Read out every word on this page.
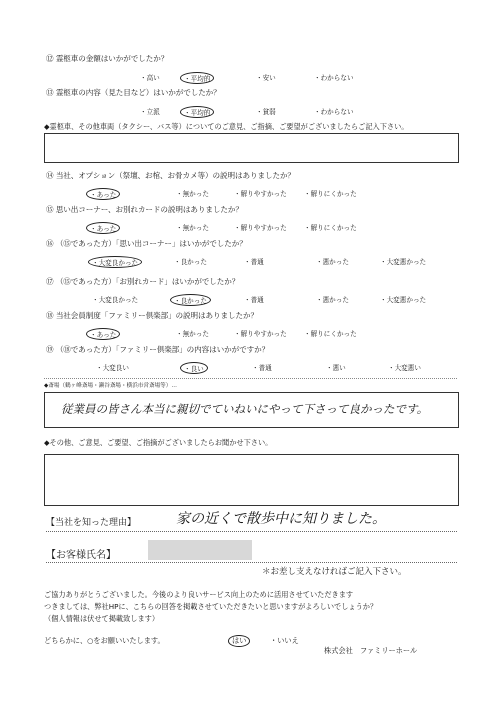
⑫ 霊柩車の金額はいかがでしたか？
・高い	・平均的	・安い	・わからない
⑬ 霊柩車の内容（見た目など）はいかがでしたか？
・立派	・平均的	・貧弱	・わからない
◆霊柩車、その他車両（タクシー、バス等）についてのご意見、ご指摘、ご要望がございましたらご記入下さい。
⑭ 当社、オプション（祭壇、お棺、お骨カメ等）の説明はありましたか？
・あった	・無かった	・解りやすかった	・解りにくかった
⑮ 思い出コーナー、お別れカードの説明はありましたか？
・あった	・無かった	・解りやすかった	・解りにくかった
⑯ （⑮であった方）「思い出コーナー」はいかがでしたか？
・大変良かった	・良かった	・普通	・悪かった	・大変悪かった
⑰ （⑮であった方）「お別れカード」はいかがでしたか？
・大変良かった	・良かった	・普通	・悪かった	・大変悪かった
⑱ 当社会員制度「ファミリー倶楽部」の説明はありましたか？
・あった	・無かった	・解りやすかった	・解りにくかった
⑲ （⑱であった方）「ファミリー倶楽部」の内容はいかがですか？
・大変良い	・良い	・普通	・悪い	・大変悪い
◆斎場（鶴ヶ峰斎場・瀬谷斎場・横浜市営斎場等）…
従業員の皆さん本当に親切でていねいにやって下さって良かったです。
◆その他、ご意見、ご要望、ご指摘がございましたらお聞かせ下さい。
【当社を知った理由】	家の近くで散歩中に知りました。
【お客様氏名】
＊お差し支えなければご記入下さい。
ご協力ありがとうございました。今後のより良いサービス向上のために活用させていただきます
つきましては、弊社HPに、こちらの回答を掲載させていただきたいと思いますがよろしいでしょうか？
（個人情報は伏せて掲載致します）
どちらかに、○をお願いいたします。	はい	・いいえ
株式会社　ファミリーホール
